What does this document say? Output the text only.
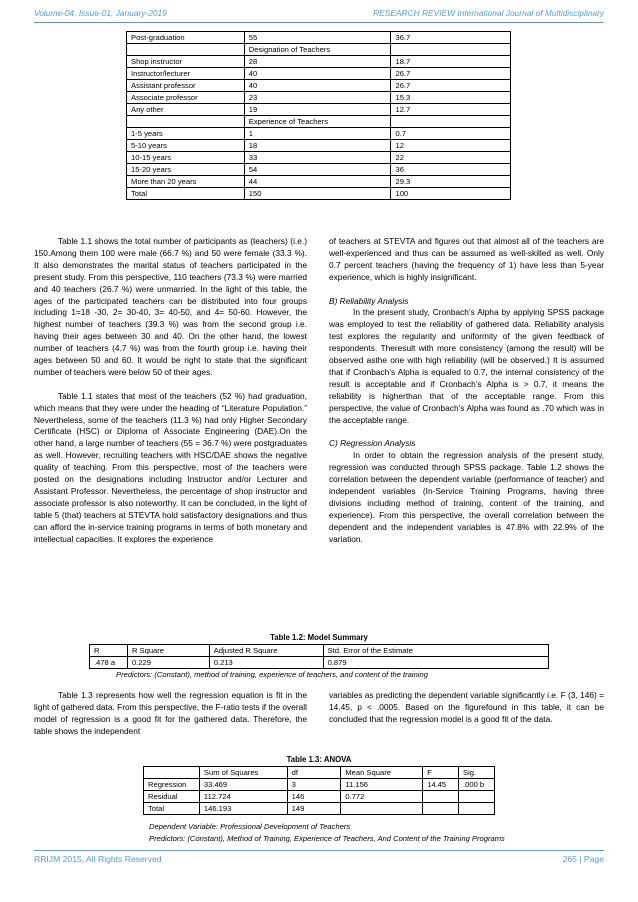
Volume-04, Issue-01, January-2019	RESEARCH REVIEW International Journal of Multidisciplinary
Post-graduation	55	36.7
	Designation of Teachers	
Shop instructor	28	18.7
Instructor/lecturer	40	26.7
Assistant professor	40	26.7
Associate professor	23	15.3
Any other	19	12.7
	Experience of Teachers	
1-5 years	1	0.7
5-10 years	18	12
10-15 years	33	22
15-20 years	54	36
More than 20 years	44	29.3
Total	150	100

Table 1.1 shows the total number of participants as (teachers) (i.e.) 150.Among them 100 were male (66.7 %) and 50 were female (33.3 %). It also demonstrates the marital status of teachers participated in the present study. From this perspective, 110 teachers (73.3 %) were married and 40 teachers (26.7 %) were unmarried. In the light of this table, the ages of the participated teachers can be distributed into four groups including 1=18 -30, 2= 30-40, 3= 40-50, and 4= 50-60. However, the highest number of teachers (39.3 %) was from the second group i.e. having their ages between 30 and 40. On the other hand, the lowest number of teachers (4.7 %) was from the fourth group i.e. having their ages between 50 and 60. It would be right to state that the significant number of teachers were below 50 of their ages.

Table 1.1 states that most of the teachers (52 %) had graduation, which means that they were under the heading of “Literature Population.” Nevertheless, some of the teachers (11.3 %) had only Higher Secondary Certificate (HSC) or Diploma of Associate Engineering (DAE).On the other hand, a large number of teachers (55 = 36.7 %) were postgraduates as well. However, recruiting teachers with HSC/DAE shows the negative quality of teaching. From this perspective, most of the teachers were posted on the designations including Instructor and/or Lecturer and Assistant Professor. Nevertheless, the percentage of shop instructor and associate professor is also noteworthy. It can be concluded, in the light of table 5 (that) teachers at STEVTA hold satisfactory designations and thus can afford the in-service training programs in terms of both monetary and intellectual capacities. It explores the experience

of teachers at STEVTA and figures out that almost all of the teachers are well-experienced and thus can be assumed as well-skilled as well. Only 0.7 percent teachers (having the frequency of 1) have less than 5-year experience, which is highly insignificant.

B) Reliability Analysis

In the present study, Cronbach’s Alpha by applying SPSS package was employed to test the reliability of gathered data. Reliability analysis test explores the regularity and uniformity of the given feedback of respondents. Theresult with more consistency (among the result) will be observed asthe one with high reliability (will be observed.) It is assumed that if Cronbach’s Alpha is equaled to 0.7, the internal consistency of the result is acceptable and if Cronbach’s Alpha is > 0.7, it means the reliability is higherthan that of the acceptable range. From this perspective, the value of Cronbach’s Alpha was found as .70 which was in the acceptable range.

C) Regression Analysis

In order to obtain the regression analysis of the present study, regression was conducted through SPSS package. Table 1.2 shows the correlation between the dependent variable (performance of teacher) and independent variables (In-Service Training Programs, having three divisions including method of training, content of the training, and experience). From this perspective, the overall correlation between the dependent and the independent variables is 47.8% with 22.9% of the variation.

Table 1.2: Model Summary
R	R Square	Adjusted R Square	Std. Error of the Estimate
.478 a	0.229	0.213	0.879
Predictors: (Constant), method of training, experience of teachers, and content of the training

Table 1.3 represents how well the regression equation is fit in the light of gathered data. From this perspective, the F-ratio tests if the overall model of regression is a good fit for the gathered data. Therefore, the table shows the independent

variables as predicting the dependent variable significantly i.e. F (3, 146) = 14.45, p < .0005. Based on the figurefound in this table, it can be concluded that the regression model is a good fit of the data.

Table 1.3: ANOVA
	Sum of Squares	df	Mean Square	F	Sig.
Regression	33.469	3	11.156	14.45	.000 b
Residual	112.724	146	0.772		
Total	146.193	149			
Dependent Variable: Professional Development of Teachers
Predictors: (Constant), Method of Training, Experience of Teachers, And Content of the Training Programs
RRIJM 2015, All Rights Reserved	265 | Page
